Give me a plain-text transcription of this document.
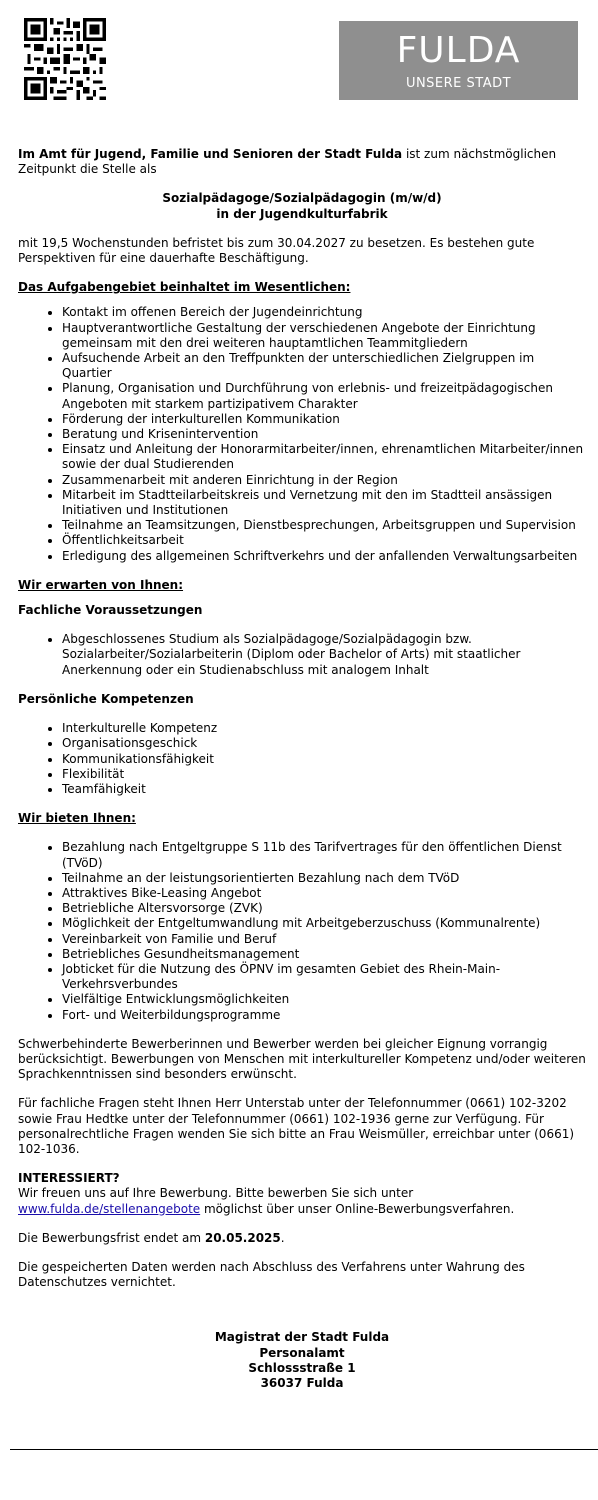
FULDA
UNSERE STADT

Im Amt für Jugend, Familie und Senioren der Stadt Fulda ist zum nächstmöglichen Zeitpunkt die Stelle als

Sozialpädagoge/Sozialpädagogin (m/w/d)
in der Jugendkulturfabrik

mit 19,5 Wochenstunden befristet bis zum 30.04.2027 zu besetzen. Es bestehen gute Perspektiven für eine dauerhafte Beschäftigung.

Das Aufgabengebiet beinhaltet im Wesentlichen:
• Kontakt im offenen Bereich der Jugendeinrichtung
• Hauptverantwortliche Gestaltung der verschiedenen Angebote der Einrichtung gemeinsam mit den drei weiteren hauptamtlichen Teammitgliedern
• Aufsuchende Arbeit an den Treffpunkten der unterschiedlichen Zielgruppen im Quartier
• Planung, Organisation und Durchführung von erlebnis- und freizeitpädagogischen Angeboten mit starkem partizipativem Charakter
• Förderung der interkulturellen Kommunikation
• Beratung und Krisenintervention
• Einsatz und Anleitung der Honorarmitarbeiter/innen, ehrenamtlichen Mitarbeiter/innen sowie der dual Studierenden
• Zusammenarbeit mit anderen Einrichtung in der Region
• Mitarbeit im Stadtteilarbeitskreis und Vernetzung mit den im Stadtteil ansässigen Initiativen und Institutionen
• Teilnahme an Teamsitzungen, Dienstbesprechungen, Arbeitsgruppen und Supervision
• Öffentlichkeitsarbeit
• Erledigung des allgemeinen Schriftverkehrs und der anfallenden Verwaltungsarbeiten
Wir erwarten von Ihnen:
Fachliche Voraussetzungen
• Abgeschlossenes Studium als Sozialpädagoge/Sozialpädagogin bzw. Sozialarbeiter/Sozialarbeiterin (Diplom oder Bachelor of Arts) mit staatlicher Anerkennung oder ein Studienabschluss mit analogem Inhalt
Persönliche Kompetenzen
• Interkulturelle Kompetenz
• Organisationsgeschick
• Kommunikationsfähigkeit
• Flexibilität
• Teamfähigkeit
Wir bieten Ihnen:
• Bezahlung nach Entgeltgruppe S 11b des Tarifvertrages für den öffentlichen Dienst (TVöD)
• Teilnahme an der leistungsorientierten Bezahlung nach dem TVöD
• Attraktives Bike-Leasing Angebot
• Betriebliche Altersvorsorge (ZVK)
• Möglichkeit der Entgeltumwandlung mit Arbeitgeberzuschuss (Kommunalrente)
• Vereinbarkeit von Familie und Beruf
• Betriebliches Gesundheitsmanagement
• Jobticket für die Nutzung des ÖPNV im gesamten Gebiet des Rhein-Main-Verkehrsverbundes
• Vielfältige Entwicklungsmöglichkeiten
• Fort- und Weiterbildungsprogramme

Schwerbehinderte Bewerberinnen und Bewerber werden bei gleicher Eignung vorrangig berücksichtigt. Bewerbungen von Menschen mit interkultureller Kompetenz und/oder weiteren Sprachkenntnissen sind besonders erwünscht.

Für fachliche Fragen steht Ihnen Herr Unterstab unter der Telefonnummer (0661) 102-3202 sowie Frau Hedtke unter der Telefonnummer (0661) 102-1936 gerne zur Verfügung. Für personalrechtliche Fragen wenden Sie sich bitte an Frau Weismüller, erreichbar unter (0661) 102-1036.

INTERESSIERT?
Wir freuen uns auf Ihre Bewerbung. Bitte bewerben Sie sich unter www.fulda.de/stellenangebote möglichst über unser Online-Bewerbungsverfahren.

Die Bewerbungsfrist endet am 20.05.2025.

Die gespeicherten Daten werden nach Abschluss des Verfahrens unter Wahrung des Datenschutzes vernichtet.

Magistrat der Stadt Fulda
Personalamt
Schlossstraße 1
36037 Fulda
